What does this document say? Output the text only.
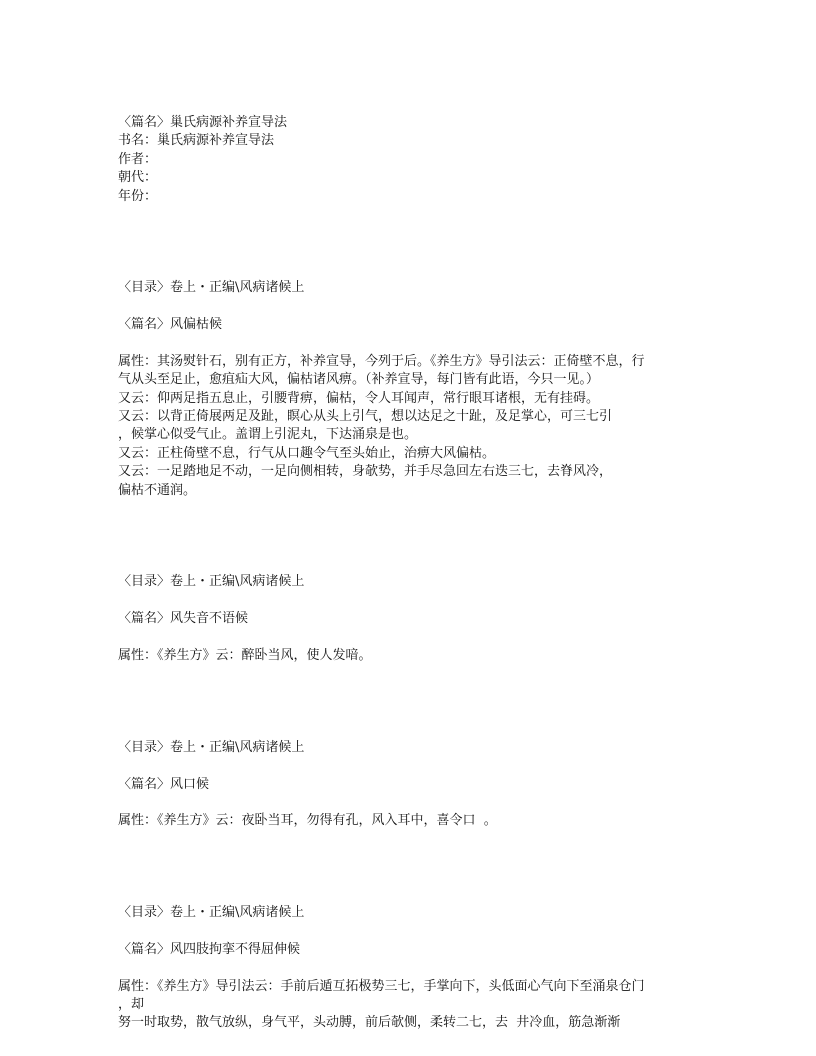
〈篇名〉巢氏病源补养宣导法
书名：巢氏病源补养宣导法
作者：
朝代：
年份：
〈目录〉卷上・正编\风病诸候上
〈篇名〉风偏枯候
属性：其汤熨针石，别有正方，补养宣导，今列于后。《养生方》导引法云：正倚壁不息，行
气从头至足止，愈疽疝大风，偏枯诸风痹。（补养宣导，每门皆有此语，今只一见。）
又云：仰两足指五息止，引腰背痹，偏枯，令人耳闻声，常行眼耳诸根，无有挂碍。
又云：以背正倚展两足及趾，瞑心从头上引气，想以达足之十趾，及足掌心，可三七引
，候掌心似受气止。盖谓上引泥丸，下达涌泉是也。
又云：正柱倚壁不息，行气从口趣令气至头始止，治痹大风偏枯。
又云：一足踏地足不动，一足向侧相转，身欹势，并手尽急回左右迭三七，去脊风冷，
偏枯不通润。
〈目录〉卷上・正编\风病诸候上
〈篇名〉风失音不语候
属性：《养生方》云：醉卧当风，使人发喑。
〈目录〉卷上・正编\风病诸候上
〈篇名〉风口候
属性：《养生方》云：夜卧当耳，勿得有孔，风入耳中，喜令口  。
〈目录〉卷上・正编\风病诸候上
〈篇名〉风四肢拘挛不得屈伸候
属性：《养生方》导引法云：手前后遁互拓极势三七，手掌向下，头低面心气向下至涌泉仓门
，却
努一时取势，散气放纵，身气平，头动膊，前后欹侧，柔转二七，去  井冷血，筋急渐渐
